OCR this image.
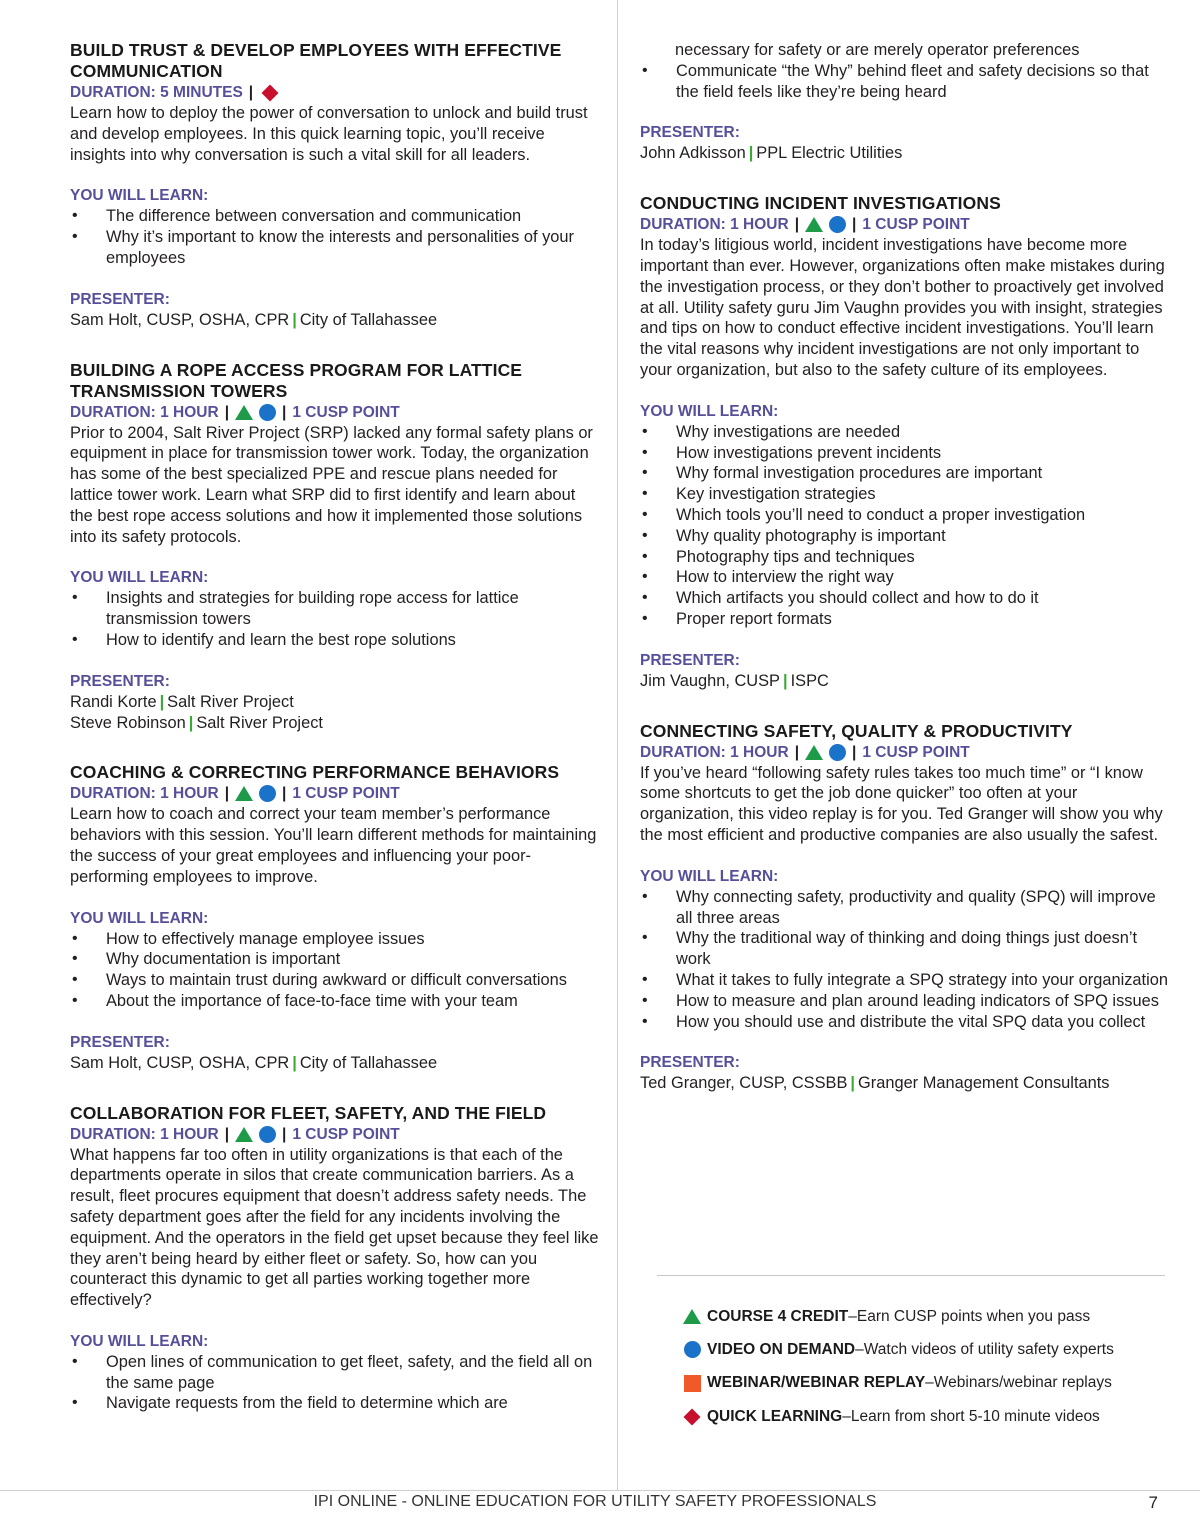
BUILD TRUST & DEVELOP EMPLOYEES WITH EFFECTIVE COMMUNICATION
DURATION: 5 MINUTES |
Learn how to deploy the power of conversation to unlock and build trust and develop employees. In this quick learning topic, you’ll receive insights into why conversation is such a vital skill for all leaders.
YOU WILL LEARN:
• The difference between conversation and communication
• Why it’s important to know the interests and personalities of your employees
PRESENTER:
Sam Holt, CUSP, OSHA, CPR | City of Tallahassee
BUILDING A ROPE ACCESS PROGRAM FOR LATTICE TRANSMISSION TOWERS
DURATION: 1 HOUR |	| 1 CUSP POINT
Prior to 2004, Salt River Project (SRP) lacked any formal safety plans or equipment in place for transmission tower work. Today, the organization has some of the best specialized PPE and rescue plans needed for lattice tower work. Learn what SRP did to first identify and learn about the best rope access solutions and how it implemented those solutions into its safety protocols.
YOU WILL LEARN:
• Insights and strategies for building rope access for lattice transmission towers
• How to identify and learn the best rope solutions
PRESENTER:
Randi Korte | Salt River Project
Steve Robinson | Salt River Project
COACHING & CORRECTING PERFORMANCE BEHAVIORS
DURATION: 1 HOUR |	| 1 CUSP POINT
Learn how to coach and correct your team member’s performance behaviors with this session. You’ll learn different methods for maintaining the success of your great employees and influencing your poor-performing employees to improve.
YOU WILL LEARN:
• How to effectively manage employee issues
• Why documentation is important
• Ways to maintain trust during awkward or difficult conversations
• About the importance of face-to-face time with your team
PRESENTER:
Sam Holt, CUSP, OSHA, CPR | City of Tallahassee
COLLABORATION FOR FLEET, SAFETY, AND THE FIELD
DURATION: 1 HOUR |	| 1 CUSP POINT
What happens far too often in utility organizations is that each of the departments operate in silos that create communication barriers. As a result, fleet procures equipment that doesn’t address safety needs. The safety department goes after the field for any incidents involving the equipment. And the operators in the field get upset because they feel like they aren’t being heard by either fleet or safety. So, how can you counteract this dynamic to get all parties working together more effectively?
YOU WILL LEARN:
• Open lines of communication to get fleet, safety, and the field all on the same page
• Navigate requests from the field to determine which are
necessary for safety or are merely operator preferences
• Communicate “the Why” behind fleet and safety decisions so that the field feels like they’re being heard
PRESENTER:
John Adkisson | PPL Electric Utilities
CONDUCTING INCIDENT INVESTIGATIONS
DURATION: 1 HOUR |	| 1 CUSP POINT
In today’s litigious world, incident investigations have become more important than ever. However, organizations often make mistakes during the investigation process, or they don’t bother to proactively get involved at all. Utility safety guru Jim Vaughn provides you with insight, strategies and tips on how to conduct effective incident investigations. You’ll learn the vital reasons why incident investigations are not only important to your organization, but also to the safety culture of its employees.
YOU WILL LEARN:
• Why investigations are needed
• How investigations prevent incidents
• Why formal investigation procedures are important
• Key investigation strategies
• Which tools you’ll need to conduct a proper investigation
• Why quality photography is important
• Photography tips and techniques
• How to interview the right way
• Which artifacts you should collect and how to do it
• Proper report formats
PRESENTER:
Jim Vaughn, CUSP | ISPC
CONNECTING SAFETY, QUALITY & PRODUCTIVITY
DURATION: 1 HOUR |	| 1 CUSP POINT
If you’ve heard “following safety rules takes too much time” or “I know some shortcuts to get the job done quicker” too often at your organization, this video replay is for you. Ted Granger will show you why the most efficient and productive companies are also usually the safest.
YOU WILL LEARN:
• Why connecting safety, productivity and quality (SPQ) will improve all three areas
• Why the traditional way of thinking and doing things just doesn’t work
• What it takes to fully integrate a SPQ strategy into your organization
• How to measure and plan around leading indicators of SPQ issues
• How you should use and distribute the vital SPQ data you collect
PRESENTER:
Ted Granger, CUSP, CSSBB | Granger Management Consultants
COURSE 4 CREDIT – Earn CUSP points when you pass
VIDEO ON DEMAND – Watch videos of utility safety experts
WEBINAR/WEBINAR REPLAY – Webinars/webinar replays
QUICK LEARNING – Learn from short 5-10 minute videos
IPI ONLINE - ONLINE EDUCATION FOR UTILITY SAFETY PROFESSIONALS	7
